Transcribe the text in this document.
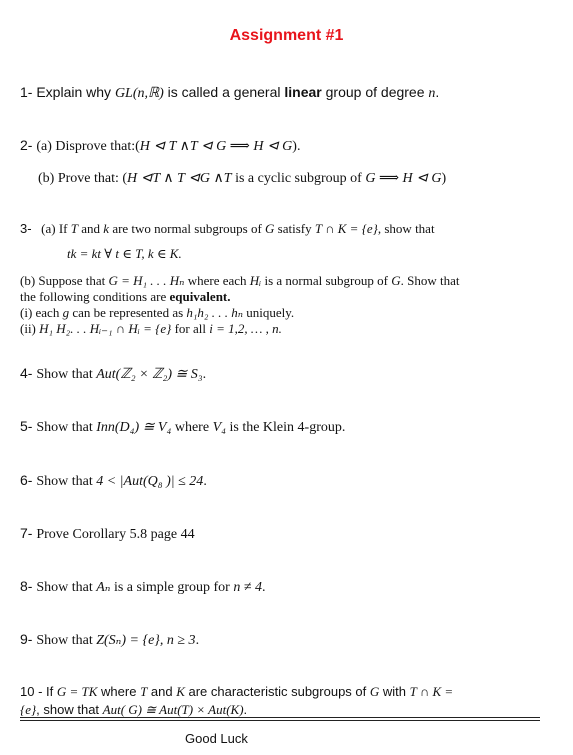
Assignment #1
1- Explain why GL(n,ℝ) is called a general linear group of degree n.
2- (a) Disprove that:(H ⊲ T ∧T ⊲ G ⟹ H ⊲ G).
(b) Prove that: (H ⊲T ∧ T ⊲G ∧T is a cyclic subgroup of G ⟹ H ⊲ G)
3- (a) If T and k are two normal subgroups of G satisfy T ∩ K = {e}, show that
tk = kt ∀ t ∈ T, k ∈ K.
(b) Suppose that G = H₁ . . . Hₙ where each Hᵢ is a normal subgroup of G. Show that
the following conditions are equivalent.
(i) each g can be represented as h₁h₂ . . . hₙ uniquely.
(ii) H₁ H₂. . . Hᵢ₋₁ ∩ Hᵢ = {e} for all i = 1,2, … , n.
4- Show that Aut(ℤ₂ × ℤ₂) ≅ S₃.
5- Show that Inn(D₄) ≅ V₄ where V₄ is the Klein 4-group.
6- Show that 4 < |Aut(Q₈ )| ≤ 24.
7- Prove Corollary 5.8 page 44
8- Show that Aₙ is a simple group for n ≠ 4.
9- Show that Z(Sₙ) = {e}, n ≥ 3.
10 - If G = TK where T and K are characteristic subgroups of G with T ∩ K =
{e}, show that Aut( G) ≅ Aut(T) × Aut(K).
Good Luck
